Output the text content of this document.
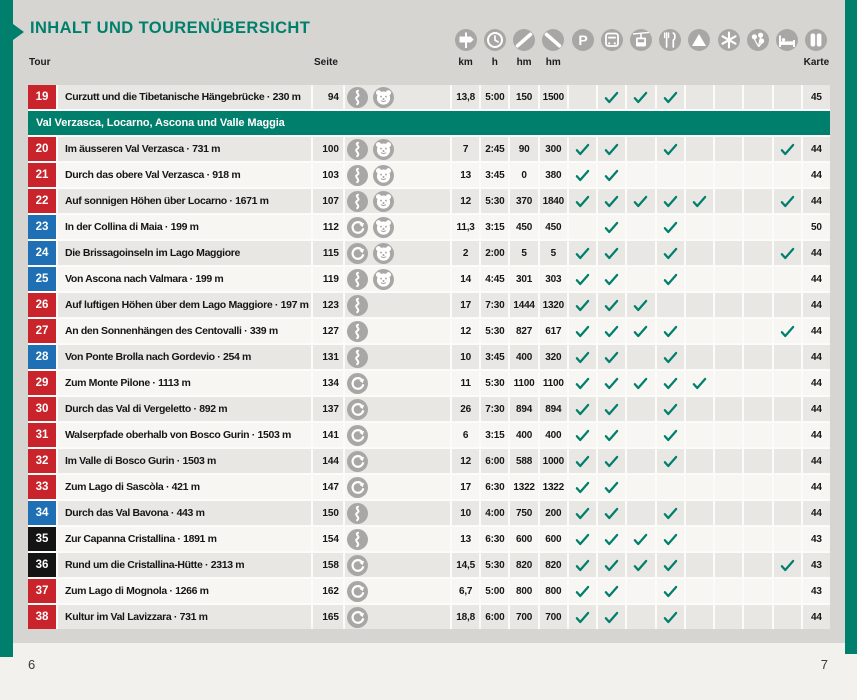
INHALT UND TOURENÜBERSICHT
P
Tour	Seite	km h hm hm	Karte
19	Curzutt und die Tibetanische Hängebrücke · 230 m	94	13,8	5:00	150	1500	45
Val Verzasca, Locarno, Ascona und Valle Maggia
20	Im äusseren Val Verzasca · 731 m	100	7	2:45	90	300	44
21	Durch das obere Val Verzasca · 918 m	103	13	3:45	0	380	44
22	Auf sonnigen Höhen über Locarno · 1671 m	107	12	5:30	370	1840	44
23	In der Collina di Maia · 199 m	112	11,3	3:15	450	450	50
24	Die Brissagoinseln im Lago Maggiore	115	2	2:00	5	5	44
25	Von Ascona nach Valmara · 199 m	119	14	4:45	301	303	44
26	Auf luftigen Höhen über dem Lago Maggiore · 197 m	123	17	7:30 1444 1320	44
27	An den Sonnenhängen des Centovalli · 339 m	127	12	5:30	827	617	44
28	Von Ponte Brolla nach Gordevio · 254 m	131	10	3:45	400	320	44
29	Zum Monte Pilone · 1113 m	134	11	5:30 1100 1100	44
30	Durch das Val di Vergeletto · 892 m	137	26	7:30	894	894	44
31	Walserpfade oberhalb von Bosco Gurin · 1503 m	141	6	3:15	400	400	44
32	Im Valle di Bosco Gurin · 1503 m	144	12	6:00	588	1000	44
33	Zum Lago di Sascòla · 421 m	147	17	6:30 1322 1322	44
34	Durch das Val Bavona · 443 m	150	10	4:00	750	200	44
35	Zur Capanna Cristallina · 1891 m	154	13	6:30	600	600	43
36	Rund um die Cristallina-Hütte · 2313 m	158	14,5	5:30	820	820	43
37	Zum Lago di Mognola · 1266 m	162	6,7	5:00	800	800	43
38	Kultur im Val Lavizzara · 731 m	165	18,8	6:00	700	700	44
6	7
